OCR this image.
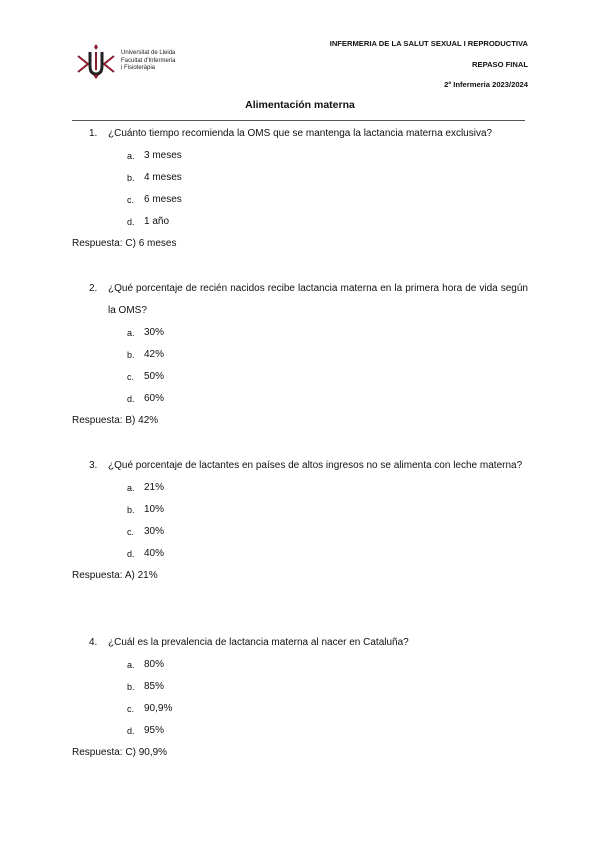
Universitat de Lleida
Facultat d'Infermeria
i Fisioteràpia
INFERMERIA DE LA SALUT SEXUAL I REPRODUCTIVA
REPASO FINAL
2º Infermeria 2023/2024
Alimentación materna
1. ¿Cuánto tiempo recomienda la OMS que se mantenga la lactancia materna exclusiva?
a. 3 meses
b. 4 meses
c. 6 meses
d. 1 año
Respuesta: C) 6 meses
2. ¿Qué porcentaje de recién nacidos recibe lactancia materna en la primera hora de vida según la OMS?
a. 30%
b. 42%
c. 50%
d. 60%
Respuesta: B) 42%
3. ¿Qué porcentaje de lactantes en países de altos ingresos no se alimenta con leche materna?
a. 21%
b. 10%
c. 30%
d. 40%
Respuesta: A) 21%
4. ¿Cuál es la prevalencia de lactancia materna al nacer en Cataluña?
a. 80%
b. 85%
c. 90,9%
d. 95%
Respuesta: C) 90,9%
